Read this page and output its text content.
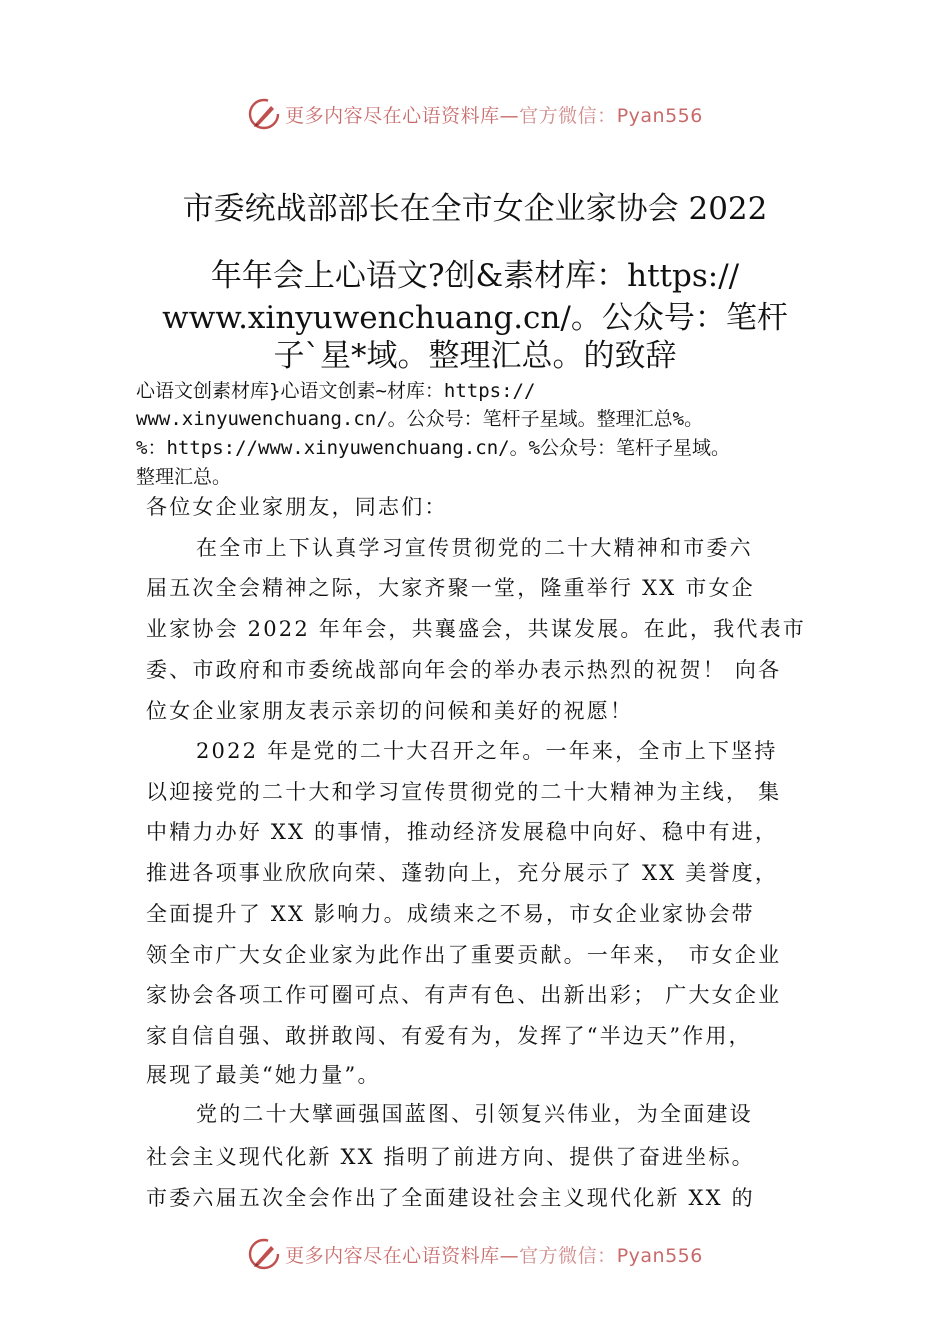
更多内容尽在心语资料库—官方微信：Pyan556
市委统战部部长在全市女企业家协会 2022
年年会上心语文?创&素材库：https://
www.xinyuwenchuang.cn/。公众号：笔杆
子`星*域。整理汇总。的致辞
心语文创素材库}心语文创素~材库：https://
www.xinyuwenchuang.cn/。公众号：笔杆子星域。整理汇总%。
%：https://www.xinyuwenchuang.cn/。%公众号：笔杆子星域。
整理汇总。
各位女企业家朋友，同志们：
在全市上下认真学习宣传贯彻党的二十大精神和市委六
届五次全会精神之际，大家齐聚一堂，隆重举行 XX 市女企
业家协会 2022 年年会，共襄盛会，共谋发展。在此，我代表市
委、市政府和市委统战部向年会的举办表示热烈的祝贺！ 向各
位女企业家朋友表示亲切的问候和美好的祝愿！
2022 年是党的二十大召开之年。一年来，全市上下坚持
以迎接党的二十大和学习宣传贯彻党的二十大精神为主线， 集
中精力办好 XX 的事情，推动经济发展稳中向好、稳中有进，
推进各项事业欣欣向荣、蓬勃向上，充分展示了 XX 美誉度，
全面提升了 XX 影响力。成绩来之不易，市女企业家协会带
领全市广大女企业家为此作出了重要贡献。一年来， 市女企业
家协会各项工作可圈可点、有声有色、出新出彩； 广大女企业
家自信自强、敢拼敢闯、有爱有为，发挥了“半边天”作用，
展现了最美“她力量”。
党的二十大擘画强国蓝图、引领复兴伟业，为全面建设
社会主义现代化新 XX 指明了前进方向、提供了奋进坐标。
市委六届五次全会作出了全面建设社会主义现代化新 XX 的
更多内容尽在心语资料库—官方微信：Pyan556
